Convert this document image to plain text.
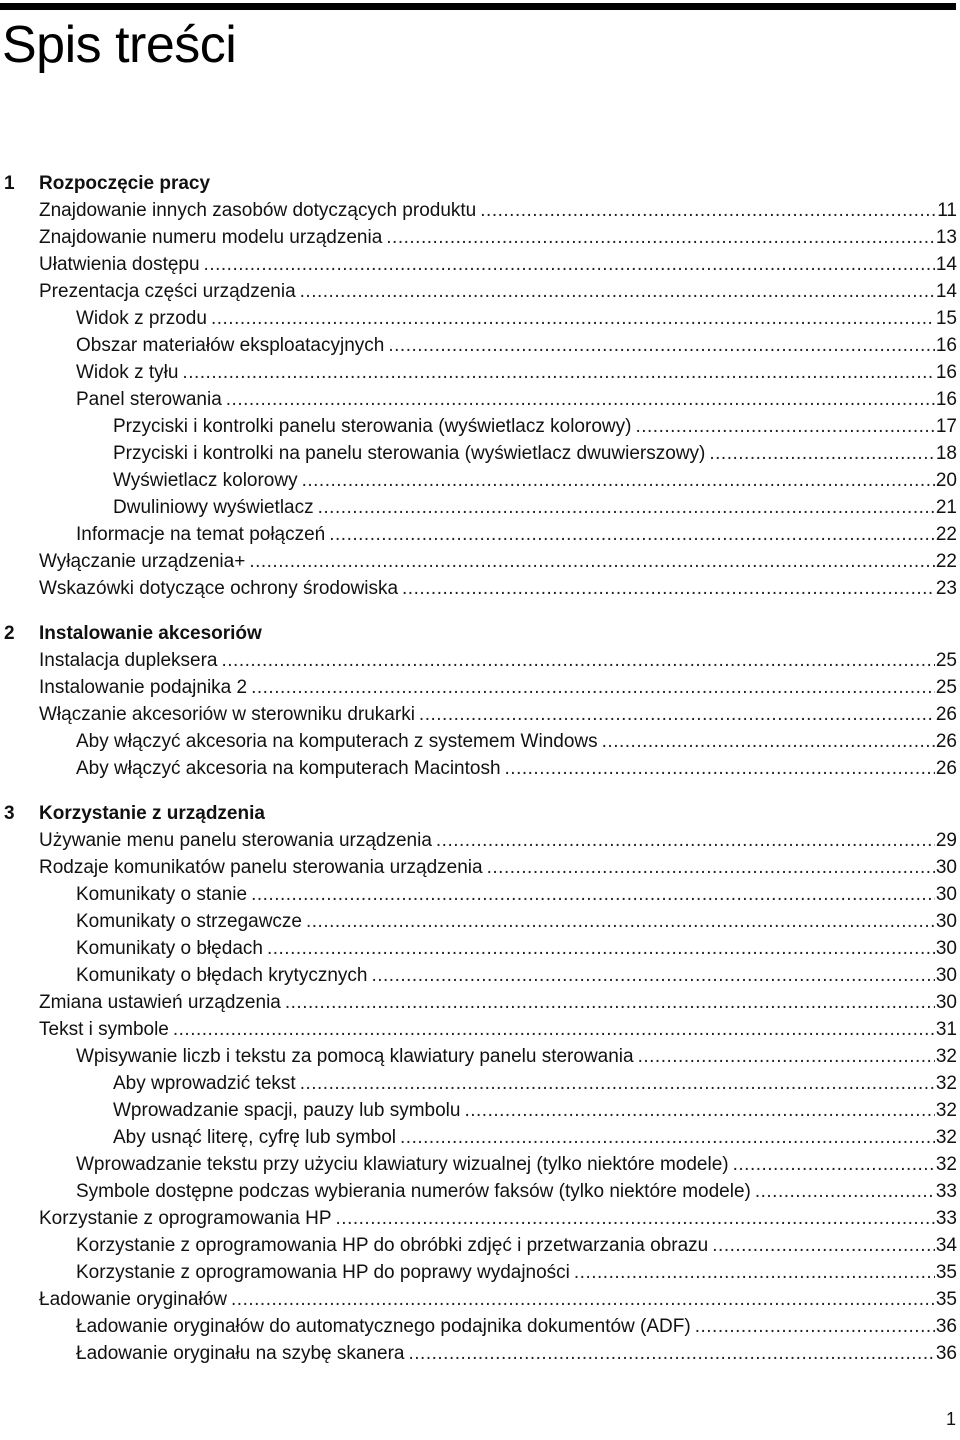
Spis treści
1 Rozpoczęcie pracy
Znajdowanie innych zasobów dotyczących produktu .....	11
Znajdowanie numeru modelu urządzenia .....	13
Ułatwienia dostępu .....	14
Prezentacja części urządzenia .....	14
Widok z przodu .....	15
Obszar materiałów eksploatacyjnych .....	16
Widok z tyłu .....	16
Panel sterowania .....	16
Przyciski i kontrolki panelu sterowania (wyświetlacz kolorowy) .....	17
Przyciski i kontrolki na panelu sterowania (wyświetlacz dwuwierszowy) .....	18
Wyświetlacz kolorowy .....	20
Dwuliniowy wyświetlacz .....	21
Informacje na temat połączeń .....	22
Wyłączanie urządzenia+ .....	22
Wskazówki dotyczące ochrony środowiska .....	23
2 Instalowanie akcesoriów
Instalacja dupleksera .....	25
Instalowanie podajnika 2 .....	25
Włączanie akcesoriów w sterowniku drukarki .....	26
Aby włączyć akcesoria na komputerach z systemem Windows .....	26
Aby włączyć akcesoria na komputerach Macintosh .....	26
3 Korzystanie z urządzenia
Używanie menu panelu sterowania urządzenia .....	29
Rodzaje komunikatów panelu sterowania urządzenia .....	30
Komunikaty o stanie .....	30
Komunikaty o strzegawcze .....	30
Komunikaty o błędach .....	30
Komunikaty o błędach krytycznych .....	30
Zmiana ustawień urządzenia .....	30
Tekst i symbole .....	31
Wpisywanie liczb i tekstu za pomocą klawiatury panelu sterowania .....	32
Aby wprowadzić tekst .....	32
Wprowadzanie spacji, pauzy lub symbolu .....	32
Aby usnąć literę, cyfrę lub symbol .....	32
Wprowadzanie tekstu przy użyciu klawiatury wizualnej (tylko niektóre modele) .....	32
Symbole dostępne podczas wybierania numerów faksów (tylko niektóre modele) .....	33
Korzystanie z oprogramowania HP .....	33
Korzystanie z oprogramowania HP do obróbki zdjęć i przetwarzania obrazu .....	34
Korzystanie z oprogramowania HP do poprawy wydajności .....	35
Ładowanie oryginałów .....	35
Ładowanie oryginałów do automatycznego podajnika dokumentów (ADF) .....	36
Ładowanie oryginału na szybę skanera .....	36
1
